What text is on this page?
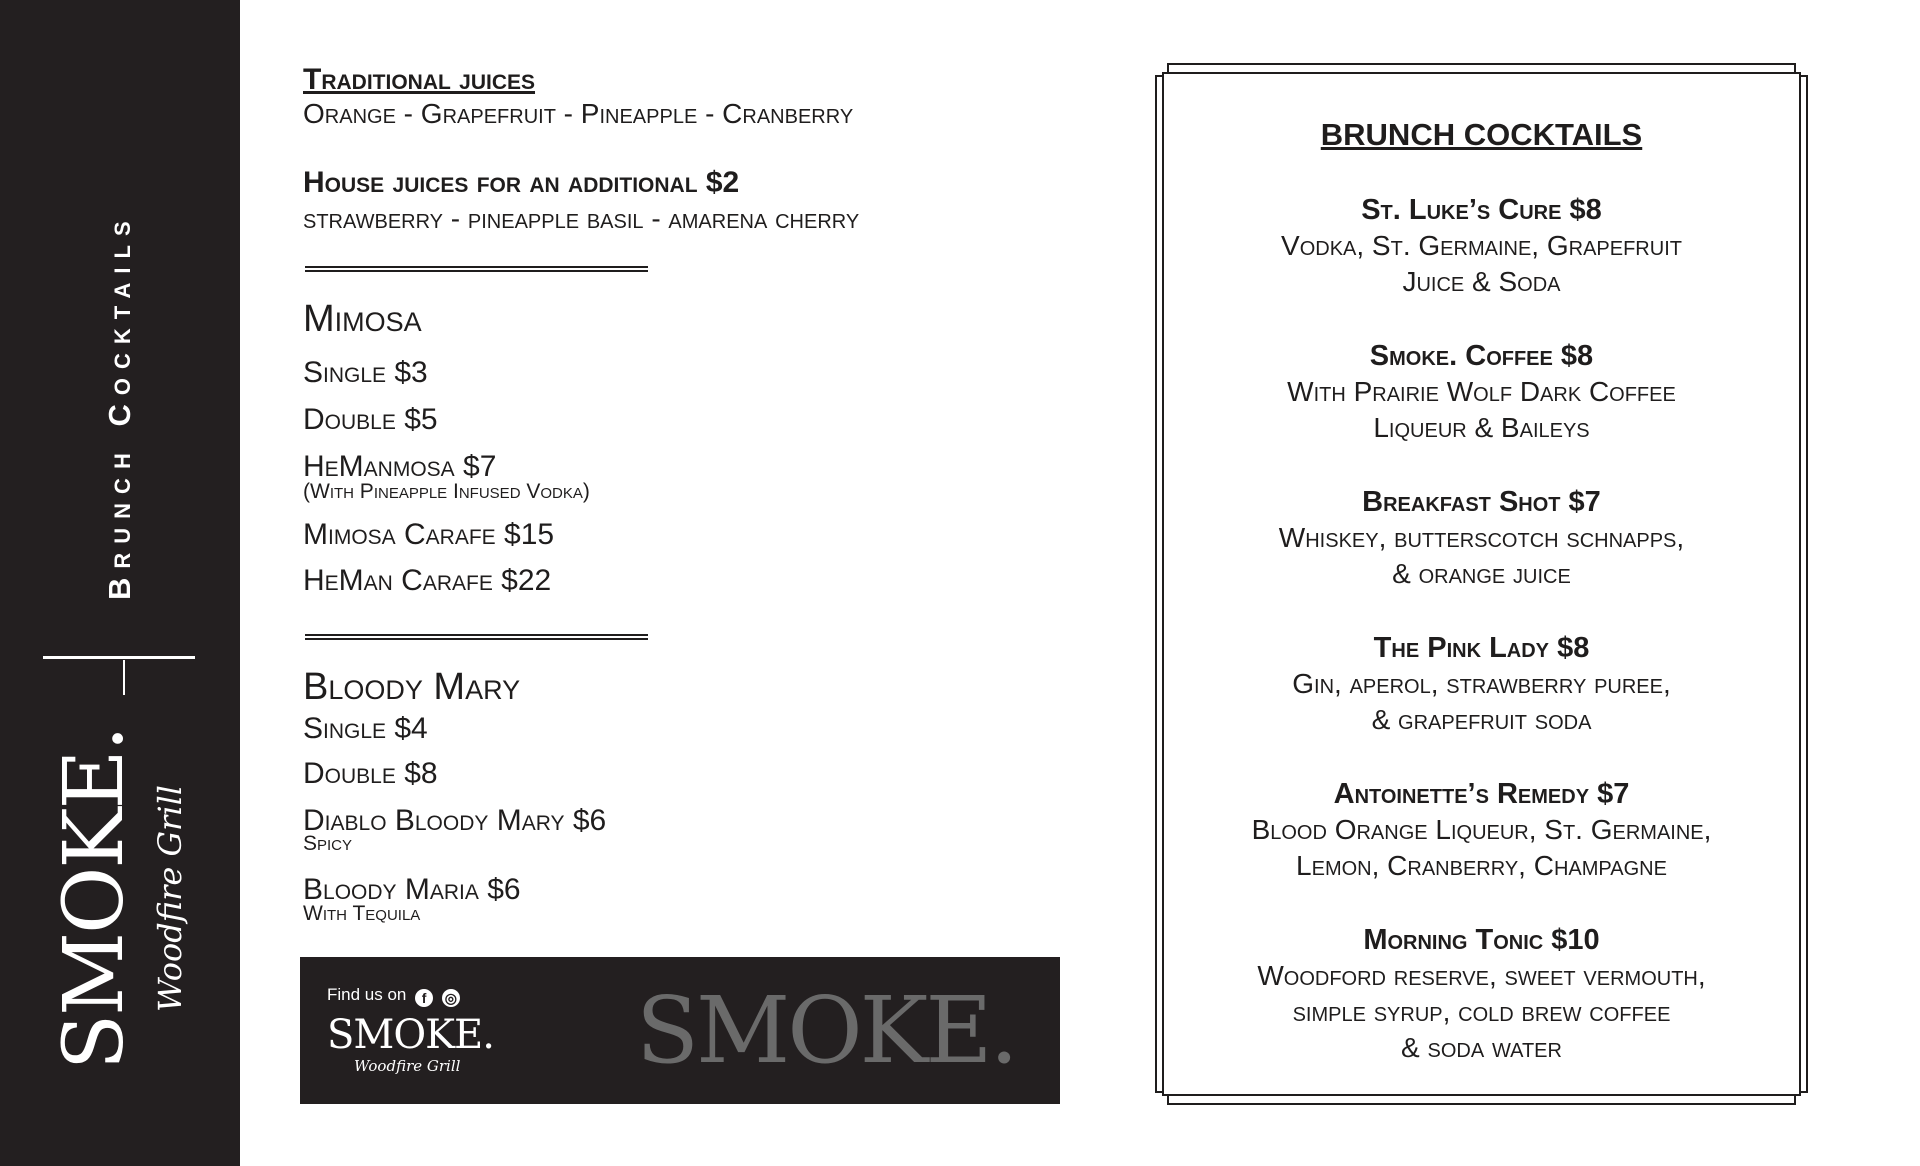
Brunch Cocktails
SMOKE. Woodfire Grill
Traditional juices
Orange - Grapefruit - Pineapple - Cranberry
House juices for an additional $2
strawberry - pineapple basil - amarena cherry
Mimosa
Single $3
Double $5
HeManmosa $7
(With Pineapple Infused Vodka)
Mimosa Carafe $15
HeMan Carafe $22
Bloody Mary
Single $4
Double $8
Diablo Bloody Mary $6
Spicy
Bloody Maria $6
With Tequila
Find us on f ◎
SMOKE.
Woodfire Grill SMOKE.
BRUNCH COCKTAILS
St. Luke’s Cure $8
Vodka, St. Germaine, Grapefruit
Juice & Soda
Smoke. Coffee $8
With Prairie Wolf Dark Coffee
Liqueur & Baileys
Breakfast Shot $7
Whiskey, butterscotch schnapps,
& orange juice
The Pink Lady $8
Gin, aperol, strawberry puree,
& grapefruit soda
Antoinette’s Remedy $7
Blood Orange Liqueur, St. Germaine,
Lemon, Cranberry, Champagne
Morning Tonic $10
Woodford reserve, sweet vermouth,
simple syrup, cold brew coffee
& soda water
